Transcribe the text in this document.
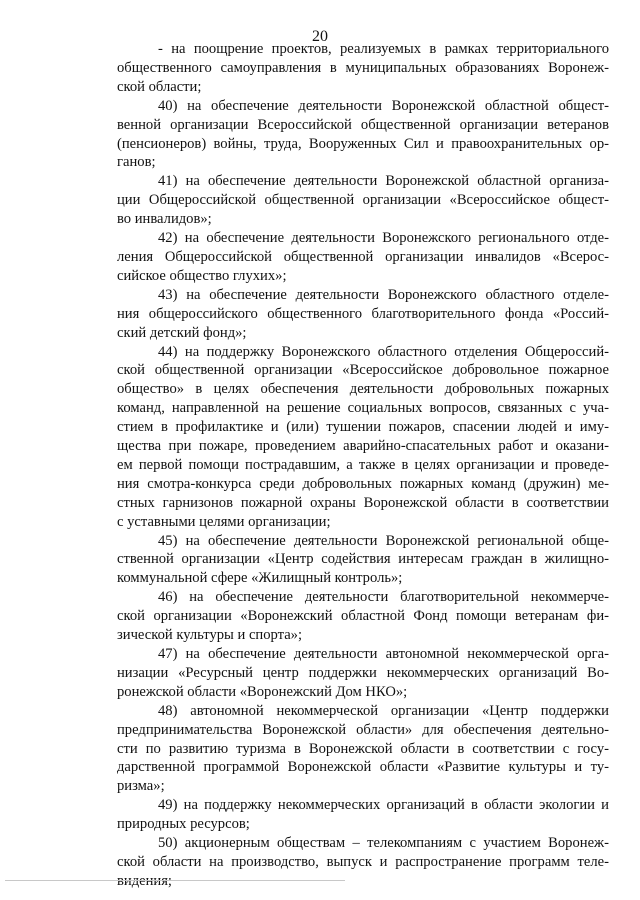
20
- на поощрение проектов, реализуемых в рамках территориального
общественного самоуправления в муниципальных образованиях Воронеж-
ской области;
40) на обеспечение деятельности Воронежской областной общест-
венной организации Всероссийской общественной организации ветеранов
(пенсионеров) войны, труда, Вооруженных Сил и правоохранительных ор-
ганов;
41) на обеспечение деятельности Воронежской областной организа-
ции Общероссийской общественной организации «Всероссийское общест-
во инвалидов»;
42) на обеспечение деятельности Воронежского регионального отде-
ления Общероссийской общественной организации инвалидов «Всерос-
сийское общество глухих»;
43) на обеспечение деятельности Воронежского областного отделе-
ния общероссийского общественного благотворительного фонда «Россий-
ский детский фонд»;
44) на поддержку Воронежского областного отделения Общероссий-
ской общественной организации «Всероссийское добровольное пожарное
общество» в целях обеспечения деятельности добровольных пожарных
команд, направленной на решение социальных вопросов, связанных с уча-
стием в профилактике и (или) тушении пожаров, спасении людей и иму-
щества при пожаре, проведением аварийно-спасательных работ и оказани-
ем первой помощи пострадавшим, а также в целях организации и проведе-
ния смотра-конкурса среди добровольных пожарных команд (дружин) ме-
стных гарнизонов пожарной охраны Воронежской области в соответствии
с уставными целями организации;
45) на обеспечение деятельности Воронежской региональной обще-
ственной организации «Центр содействия интересам граждан в жилищно-
коммунальной сфере «Жилищный контроль»;
46) на обеспечение деятельности благотворительной некоммерче-
ской организации «Воронежский областной Фонд помощи ветеранам фи-
зической культуры и спорта»;
47) на обеспечение деятельности автономной некоммерческой орга-
низации «Ресурсный центр поддержки некоммерческих организаций Во-
ронежской области «Воронежский Дом НКО»;
48) автономной некоммерческой организации «Центр поддержки
предпринимательства Воронежской области» для обеспечения деятельно-
сти по развитию туризма в Воронежской области в соответствии с госу-
дарственной программой Воронежской области «Развитие культуры и ту-
ризма»;
49) на поддержку некоммерческих организаций в области экологии и
природных ресурсов;
50) акционерным обществам – телекомпаниям с участием Воронеж-
ской области на производство, выпуск и распространение программ теле-
видения;
